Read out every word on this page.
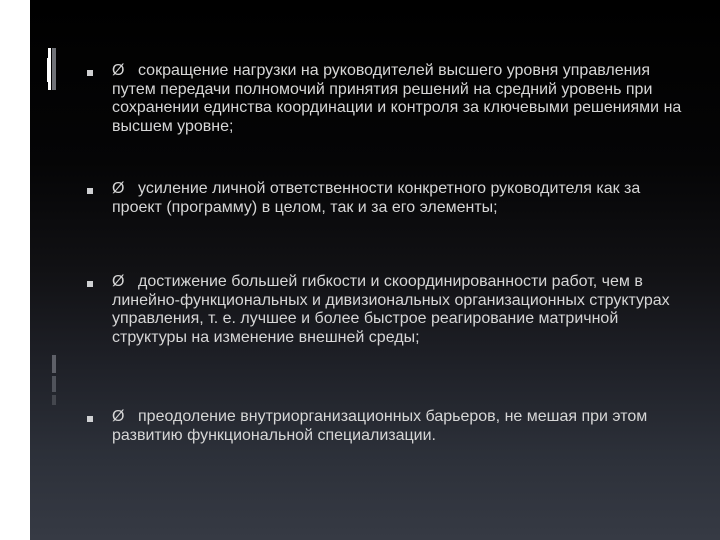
Ø сокращение нагрузки на руководителей высшего уровня управления путем передачи полномочий принятия решений на средний уровень при сохранении единства координации и контроля за ключевыми решениями на высшем уровне;

Ø усиление личной ответственности конкретного руководителя как за проект (программу) в целом, так и за его элементы;

Ø достижение большей гибкости и скоординированности работ, чем в линейно-функциональных и дивизиональных организационных структурах управления, т. е. лучшее и более быстрое реагирование матричной структуры на изменение внешней среды;

Ø преодоление внутриорганизационных барьеров, не мешая при этом развитию функциональной специализации.
